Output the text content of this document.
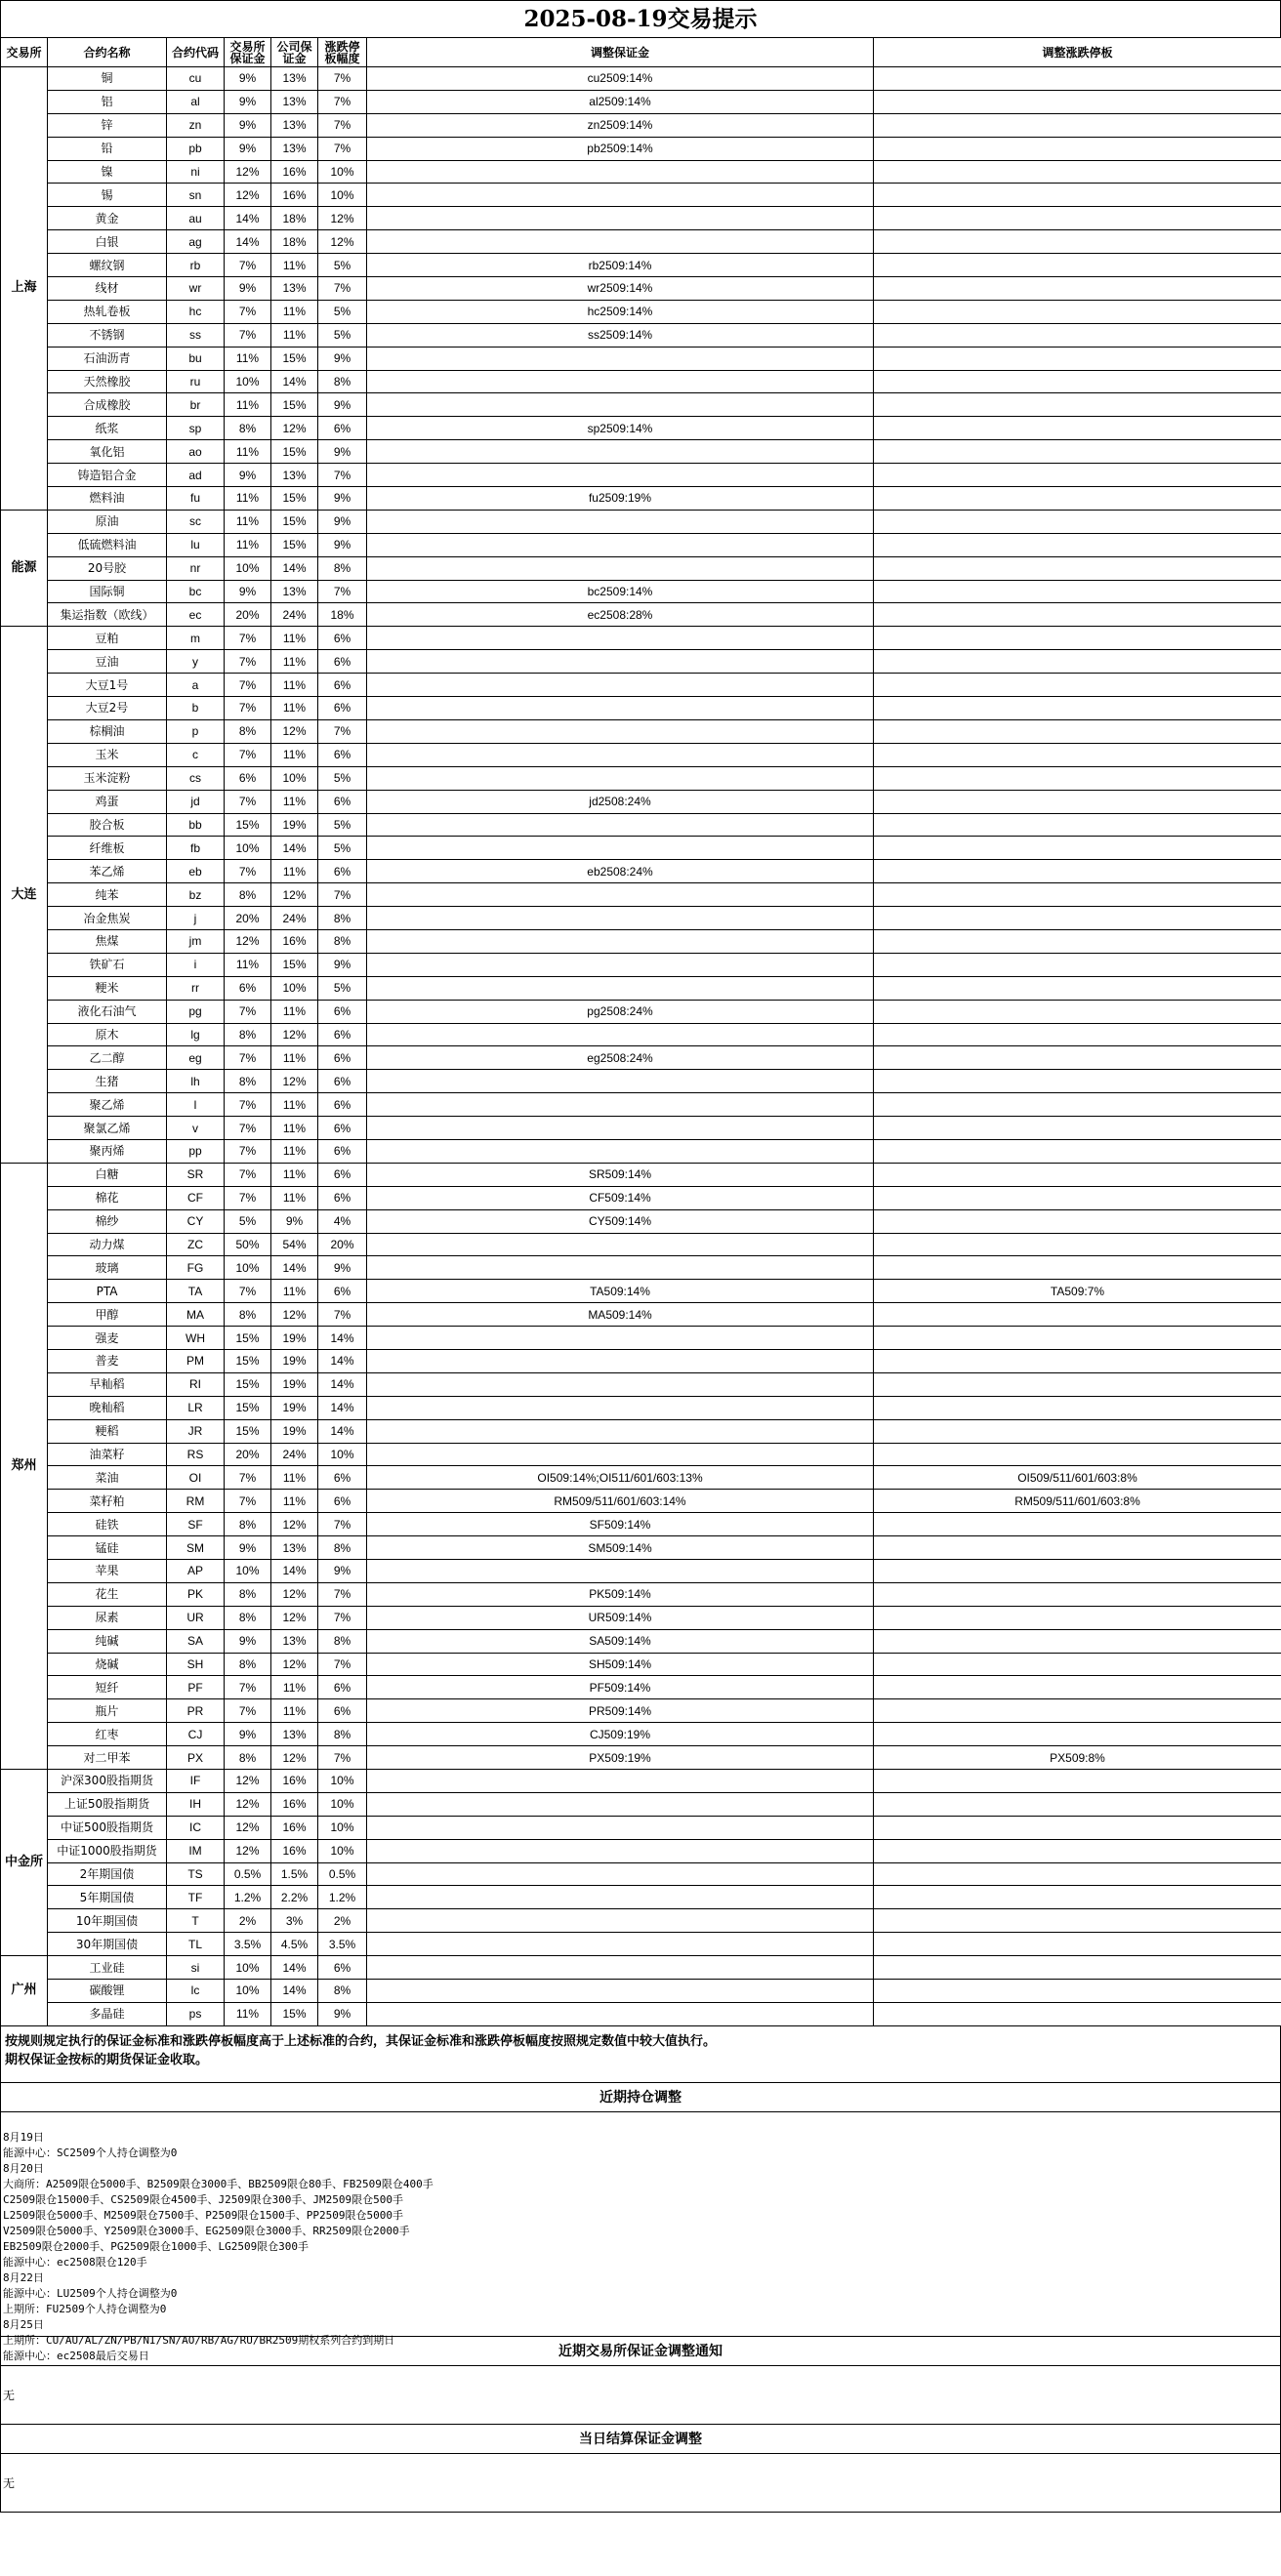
2025-08-19交易提示
交易所	合约名称	合约代码	交易所保证金	公司保证金	涨跌停板幅度	调整保证金	调整涨跌停板
上海	铜	cu	9%	13%	7%	cu2509:14%	
	铝	al	9%	13%	7%	al2509:14%	
	锌	zn	9%	13%	7%	zn2509:14%	
	铅	pb	9%	13%	7%	pb2509:14%	
	镍	ni	12%	16%	10%		
	锡	sn	12%	16%	10%		
	黄金	au	14%	18%	12%		
	白银	ag	14%	18%	12%		
	螺纹钢	rb	7%	11%	5%	rb2509:14%	
	线材	wr	9%	13%	7%	wr2509:14%	
	热轧卷板	hc	7%	11%	5%	hc2509:14%	
	不锈钢	ss	7%	11%	5%	ss2509:14%	
	石油沥青	bu	11%	15%	9%		
	天然橡胶	ru	10%	14%	8%		
	合成橡胶	br	11%	15%	9%		
	纸浆	sp	8%	12%	6%	sp2509:14%	
	氧化铝	ao	11%	15%	9%		
	铸造铝合金	ad	9%	13%	7%		
	燃料油	fu	11%	15%	9%	fu2509:19%	
能源	原油	sc	11%	15%	9%		
	低硫燃料油	lu	11%	15%	9%		
	20号胶	nr	10%	14%	8%		
	国际铜	bc	9%	13%	7%	bc2509:14%	
	集运指数（欧线）	ec	20%	24%	18%	ec2508:28%	
大连	豆粕	m	7%	11%	6%		
	豆油	y	7%	11%	6%		
	大豆1号	a	7%	11%	6%		
	大豆2号	b	7%	11%	6%		
	棕榈油	p	8%	12%	7%		
	玉米	c	7%	11%	6%		
	玉米淀粉	cs	6%	10%	5%		
	鸡蛋	jd	7%	11%	6%	jd2508:24%	
	胶合板	bb	15%	19%	5%		
	纤维板	fb	10%	14%	5%		
	苯乙烯	eb	7%	11%	6%	eb2508:24%	
	纯苯	bz	8%	12%	7%		
	冶金焦炭	j	20%	24%	8%		
	焦煤	jm	12%	16%	8%		
	铁矿石	i	11%	15%	9%		
	粳米	rr	6%	10%	5%		
	液化石油气	pg	7%	11%	6%	pg2508:24%	
	原木	lg	8%	12%	6%		
	乙二醇	eg	7%	11%	6%	eg2508:24%	
	生猪	lh	8%	12%	6%		
	聚乙烯	l	7%	11%	6%		
	聚氯乙烯	v	7%	11%	6%		
	聚丙烯	pp	7%	11%	6%		
郑州	白糖	SR	7%	11%	6%	SR509:14%	
	棉花	CF	7%	11%	6%	CF509:14%	
	棉纱	CY	5%	9%	4%	CY509:14%	
	动力煤	ZC	50%	54%	20%		
	玻璃	FG	10%	14%	9%		
	PTA	TA	7%	11%	6%	TA509:14%	TA509:7%
	甲醇	MA	8%	12%	7%	MA509:14%	
	强麦	WH	15%	19%	14%		
	普麦	PM	15%	19%	14%		
	早籼稻	RI	15%	19%	14%		
	晚籼稻	LR	15%	19%	14%		
	粳稻	JR	15%	19%	14%		
	油菜籽	RS	20%	24%	10%		
	菜油	OI	7%	11%	6%	OI509:14%;OI511/601/603:13%	OI509/511/601/603:8%
	菜籽粕	RM	7%	11%	6%	RM509/511/601/603:14%	RM509/511/601/603:8%
	硅铁	SF	8%	12%	7%	SF509:14%	
	锰硅	SM	9%	13%	8%	SM509:14%	
	苹果	AP	10%	14%	9%		
	花生	PK	8%	12%	7%	PK509:14%	
	尿素	UR	8%	12%	7%	UR509:14%	
	纯碱	SA	9%	13%	8%	SA509:14%	
	烧碱	SH	8%	12%	7%	SH509:14%	
	短纤	PF	7%	11%	6%	PF509:14%	
	瓶片	PR	7%	11%	6%	PR509:14%	
	红枣	CJ	9%	13%	8%	CJ509:19%	
	对二甲苯	PX	8%	12%	7%	PX509:19%	PX509:8%
中金所	沪深300股指期货	IF	12%	16%	10%		
	上证50股指期货	IH	12%	16%	10%		
	中证500股指期货	IC	12%	16%	10%		
	中证1000股指期货	IM	12%	16%	10%		
	2年期国债	TS	0.5%	1.5%	0.5%		
	5年期国债	TF	1.2%	2.2%	1.2%		
	10年期国债	T	2%	3%	2%		
	30年期国债	TL	3.5%	4.5%	3.5%		
广州	工业硅	si	10%	14%	6%		
	碳酸锂	lc	10%	14%	8%		
	多晶硅	ps	11%	15%	9%		
按规则规定执行的保证金标准和涨跌停板幅度高于上述标准的合约，其保证金标准和涨跌停板幅度按照规定数值中较大值执行。
期权保证金按标的期货保证金收取。
近期持仓调整
8月19日
能源中心：SC2509个人持仓调整为0
8月20日
大商所：A2509限仓5000手、B2509限仓3000手、BB2509限仓80手、FB2509限仓400手
C2509限仓15000手、CS2509限仓4500手、J2509限仓300手、JM2509限仓500手
L2509限仓5000手、M2509限仓7500手、P2509限仓1500手、PP2509限仓5000手
V2509限仓5000手、Y2509限仓3000手、EG2509限仓3000手、RR2509限仓2000手
EB2509限仓2000手、PG2509限仓1000手、LG2509限仓300手
能源中心：ec2508限仓120手
8月22日
能源中心：LU2509个人持仓调整为0
上期所：FU2509个人持仓调整为0
8月25日
上期所：CU/AU/AL/ZN/PB/NI/SN/AO/RB/AG/RU/BR2509期权系列合约到期日
能源中心：ec2508最后交易日	近期交易所保证金调整通知
无
当日结算保证金调整
无
